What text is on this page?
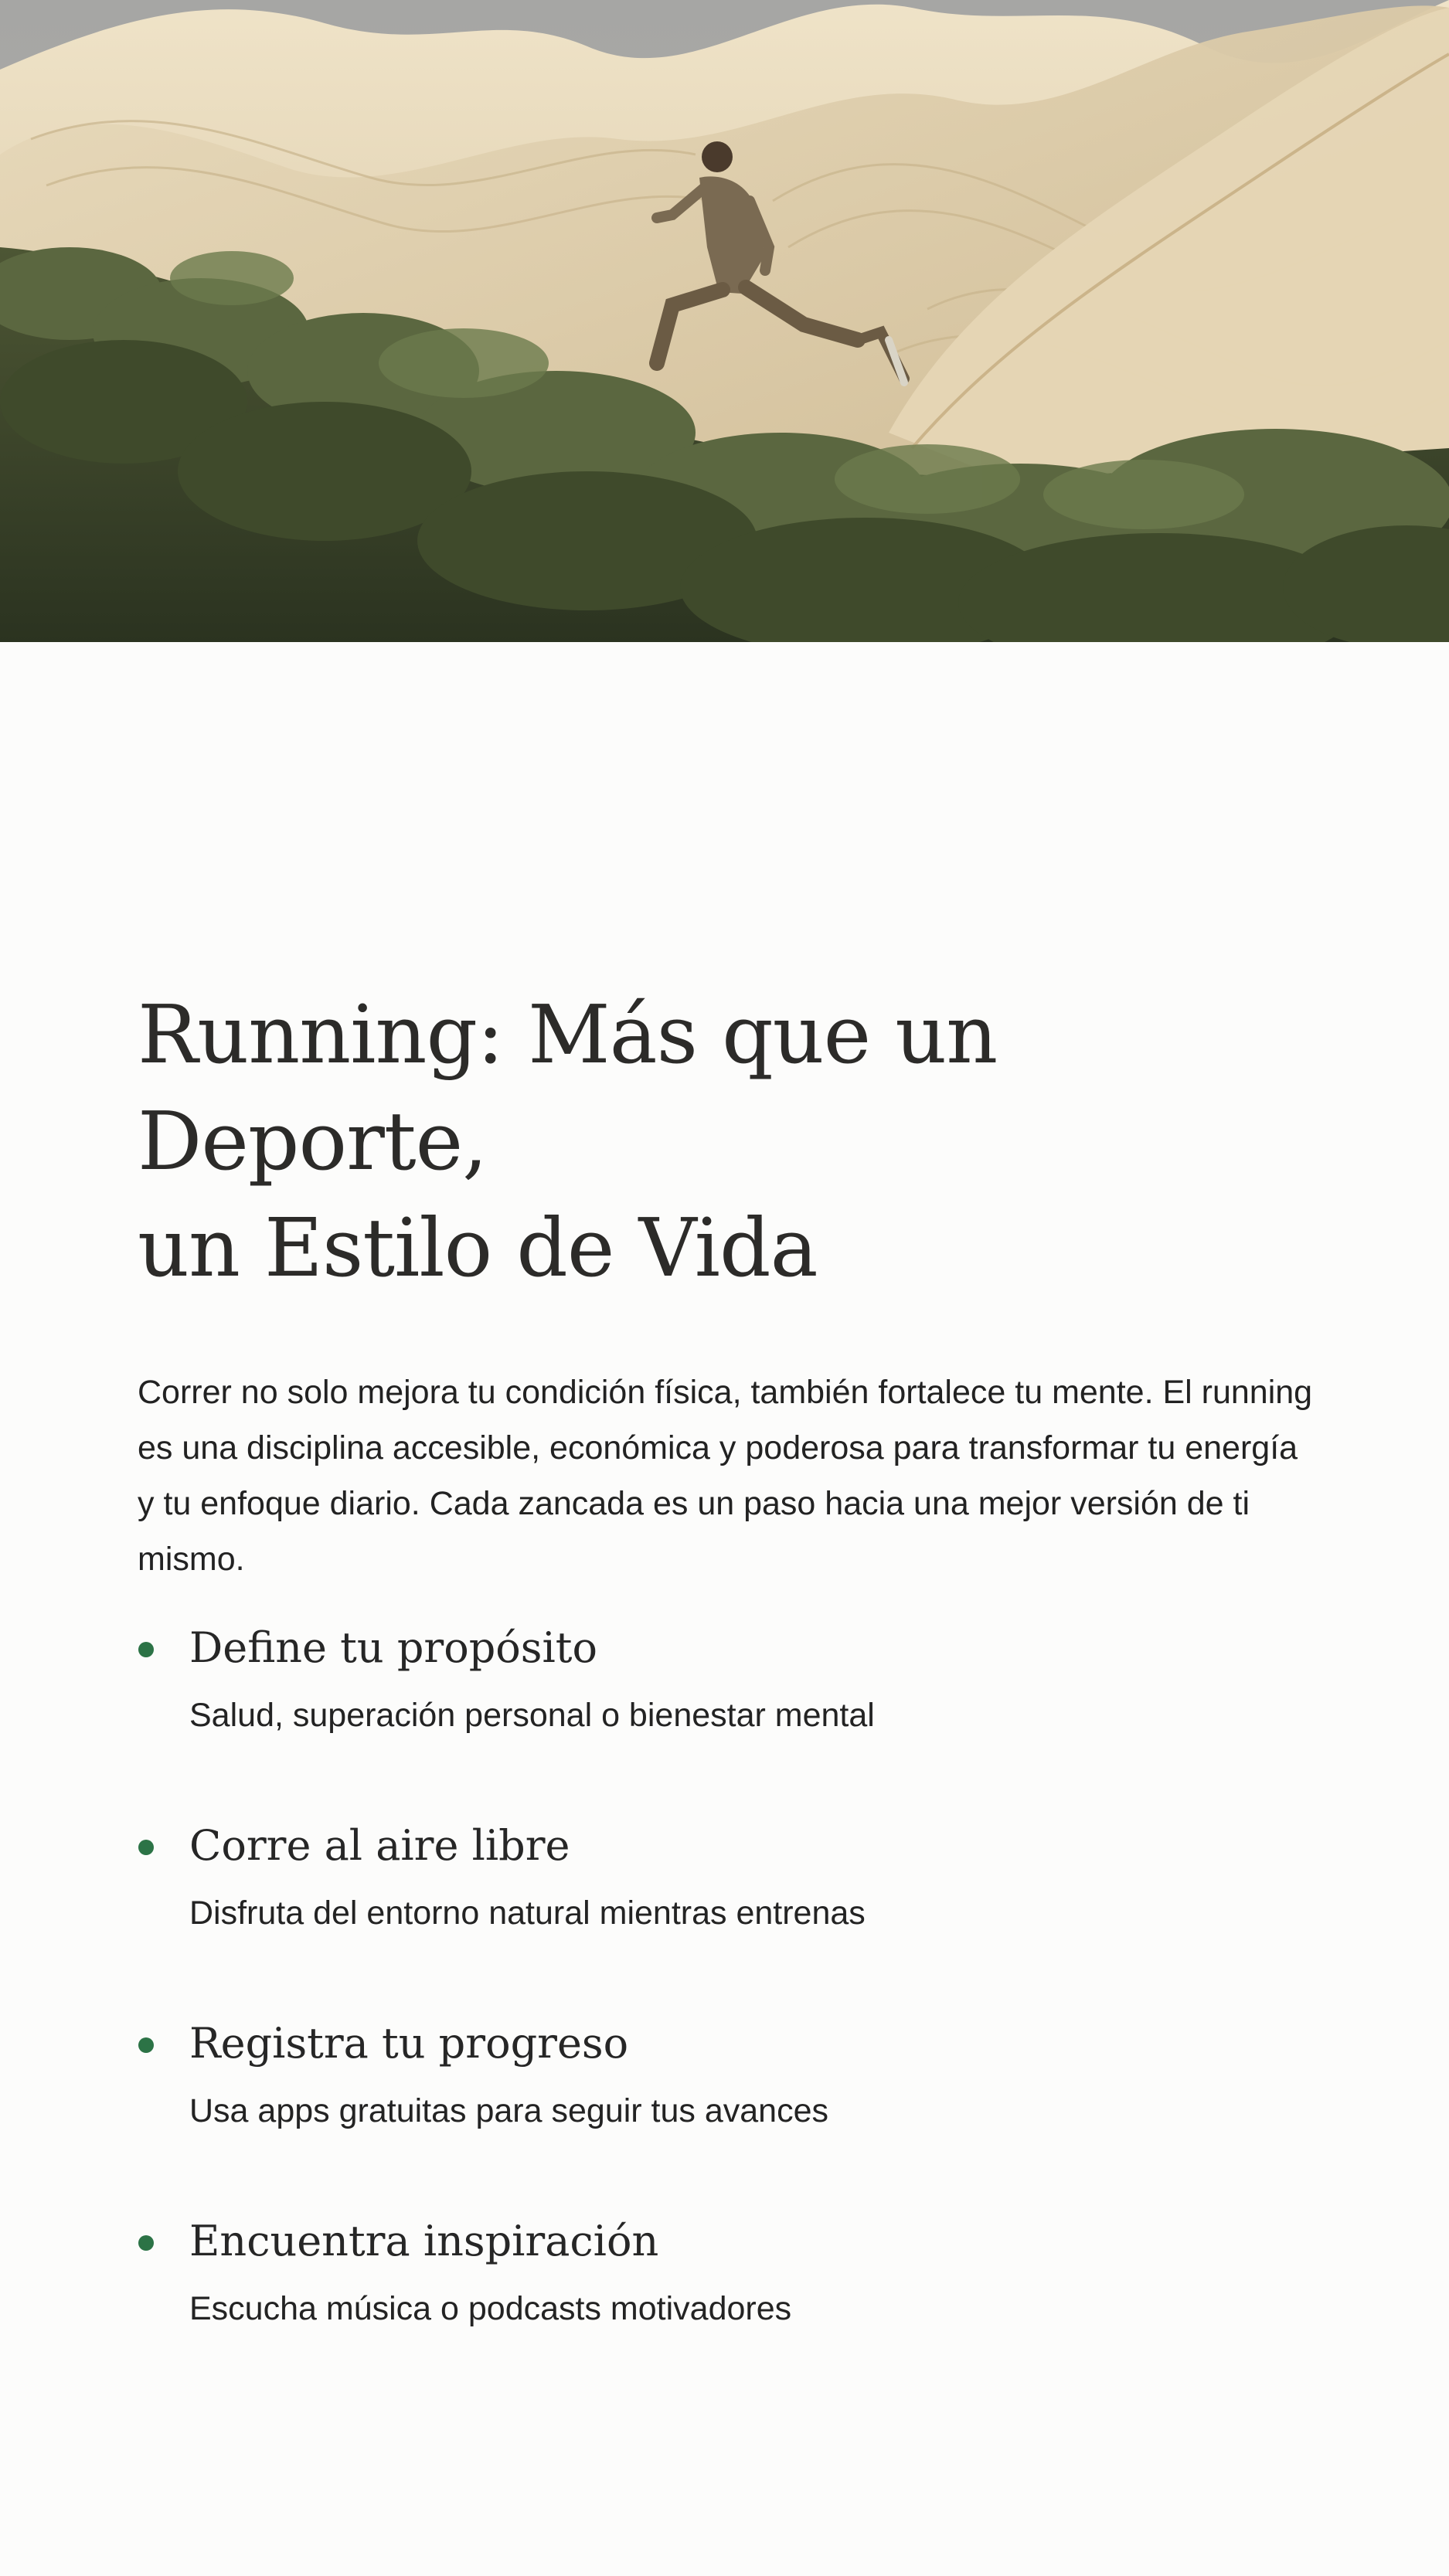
Running: Más que un Deporte,
un Estilo de Vida

Correr no solo mejora tu condición física, también fortalece tu mente. El running es una disciplina accesible, económica y poderosa para transformar tu energía y tu enfoque diario. Cada zancada es un paso hacia una mejor versión de ti mismo.

Define tu propósito

Salud, superación personal o bienestar mental

Corre al aire libre

Disfruta del entorno natural mientras entrenas

Registra tu progreso

Usa apps gratuitas para seguir tus avances

Encuentra inspiración

Escucha música o podcasts motivadores
